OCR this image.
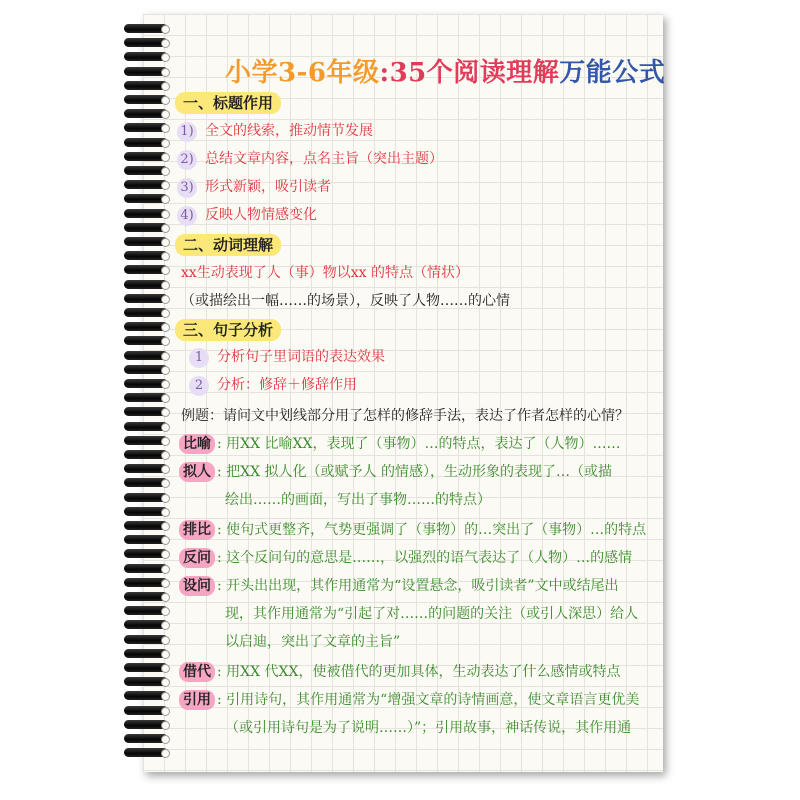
小学3-6年级:35个阅读理解万能公式
一、标题作用
1) 全文的线索，推动情节发展
2) 总结文章内容，点名主旨（突出主题）
3) 形式新颖，吸引读者
4) 反映人物情感变化
二、动词理解
xx生动表现了人（事）物以xx 的特点（情状）
（或描绘出一幅……的场景），反映了人物……的心情
三、句子分析
1 分析句子里词语的表达效果
2 分析：修辞＋修辞作用
例题：请问文中划线部分用了怎样的修辞手法，表达了作者怎样的心情？
比喻 : 用XX 比喻XX，表现了（事物）…的特点，表达了（人物）……
拟人 : 把XX 拟人化（或赋予人 的情感），生动形象的表现了…（或描
绘出……的画面，写出了事物……的特点）
排比 : 使句式更整齐，气势更强调了（事物）的…突出了（事物）…的特点
反问 : 这个反问句的意思是……，以强烈的语气表达了（人物）…的感情
设问 : 开头出出现，其作用通常为“设置悬念，吸引读者”文中或结尾出
现，其作用通常为“引起了对……的问题的关注（或引人深思）给人
以启迪，突出了文章的主旨”
借代 : 用XX 代XX，使被借代的更加具体，生动表达了什么感情或特点
引用 : 引用诗句，其作用通常为“增强文章的诗情画意，使文章语言更优美
（或引用诗句是为了说明……）”；引用故事，神话传说，其作用通
